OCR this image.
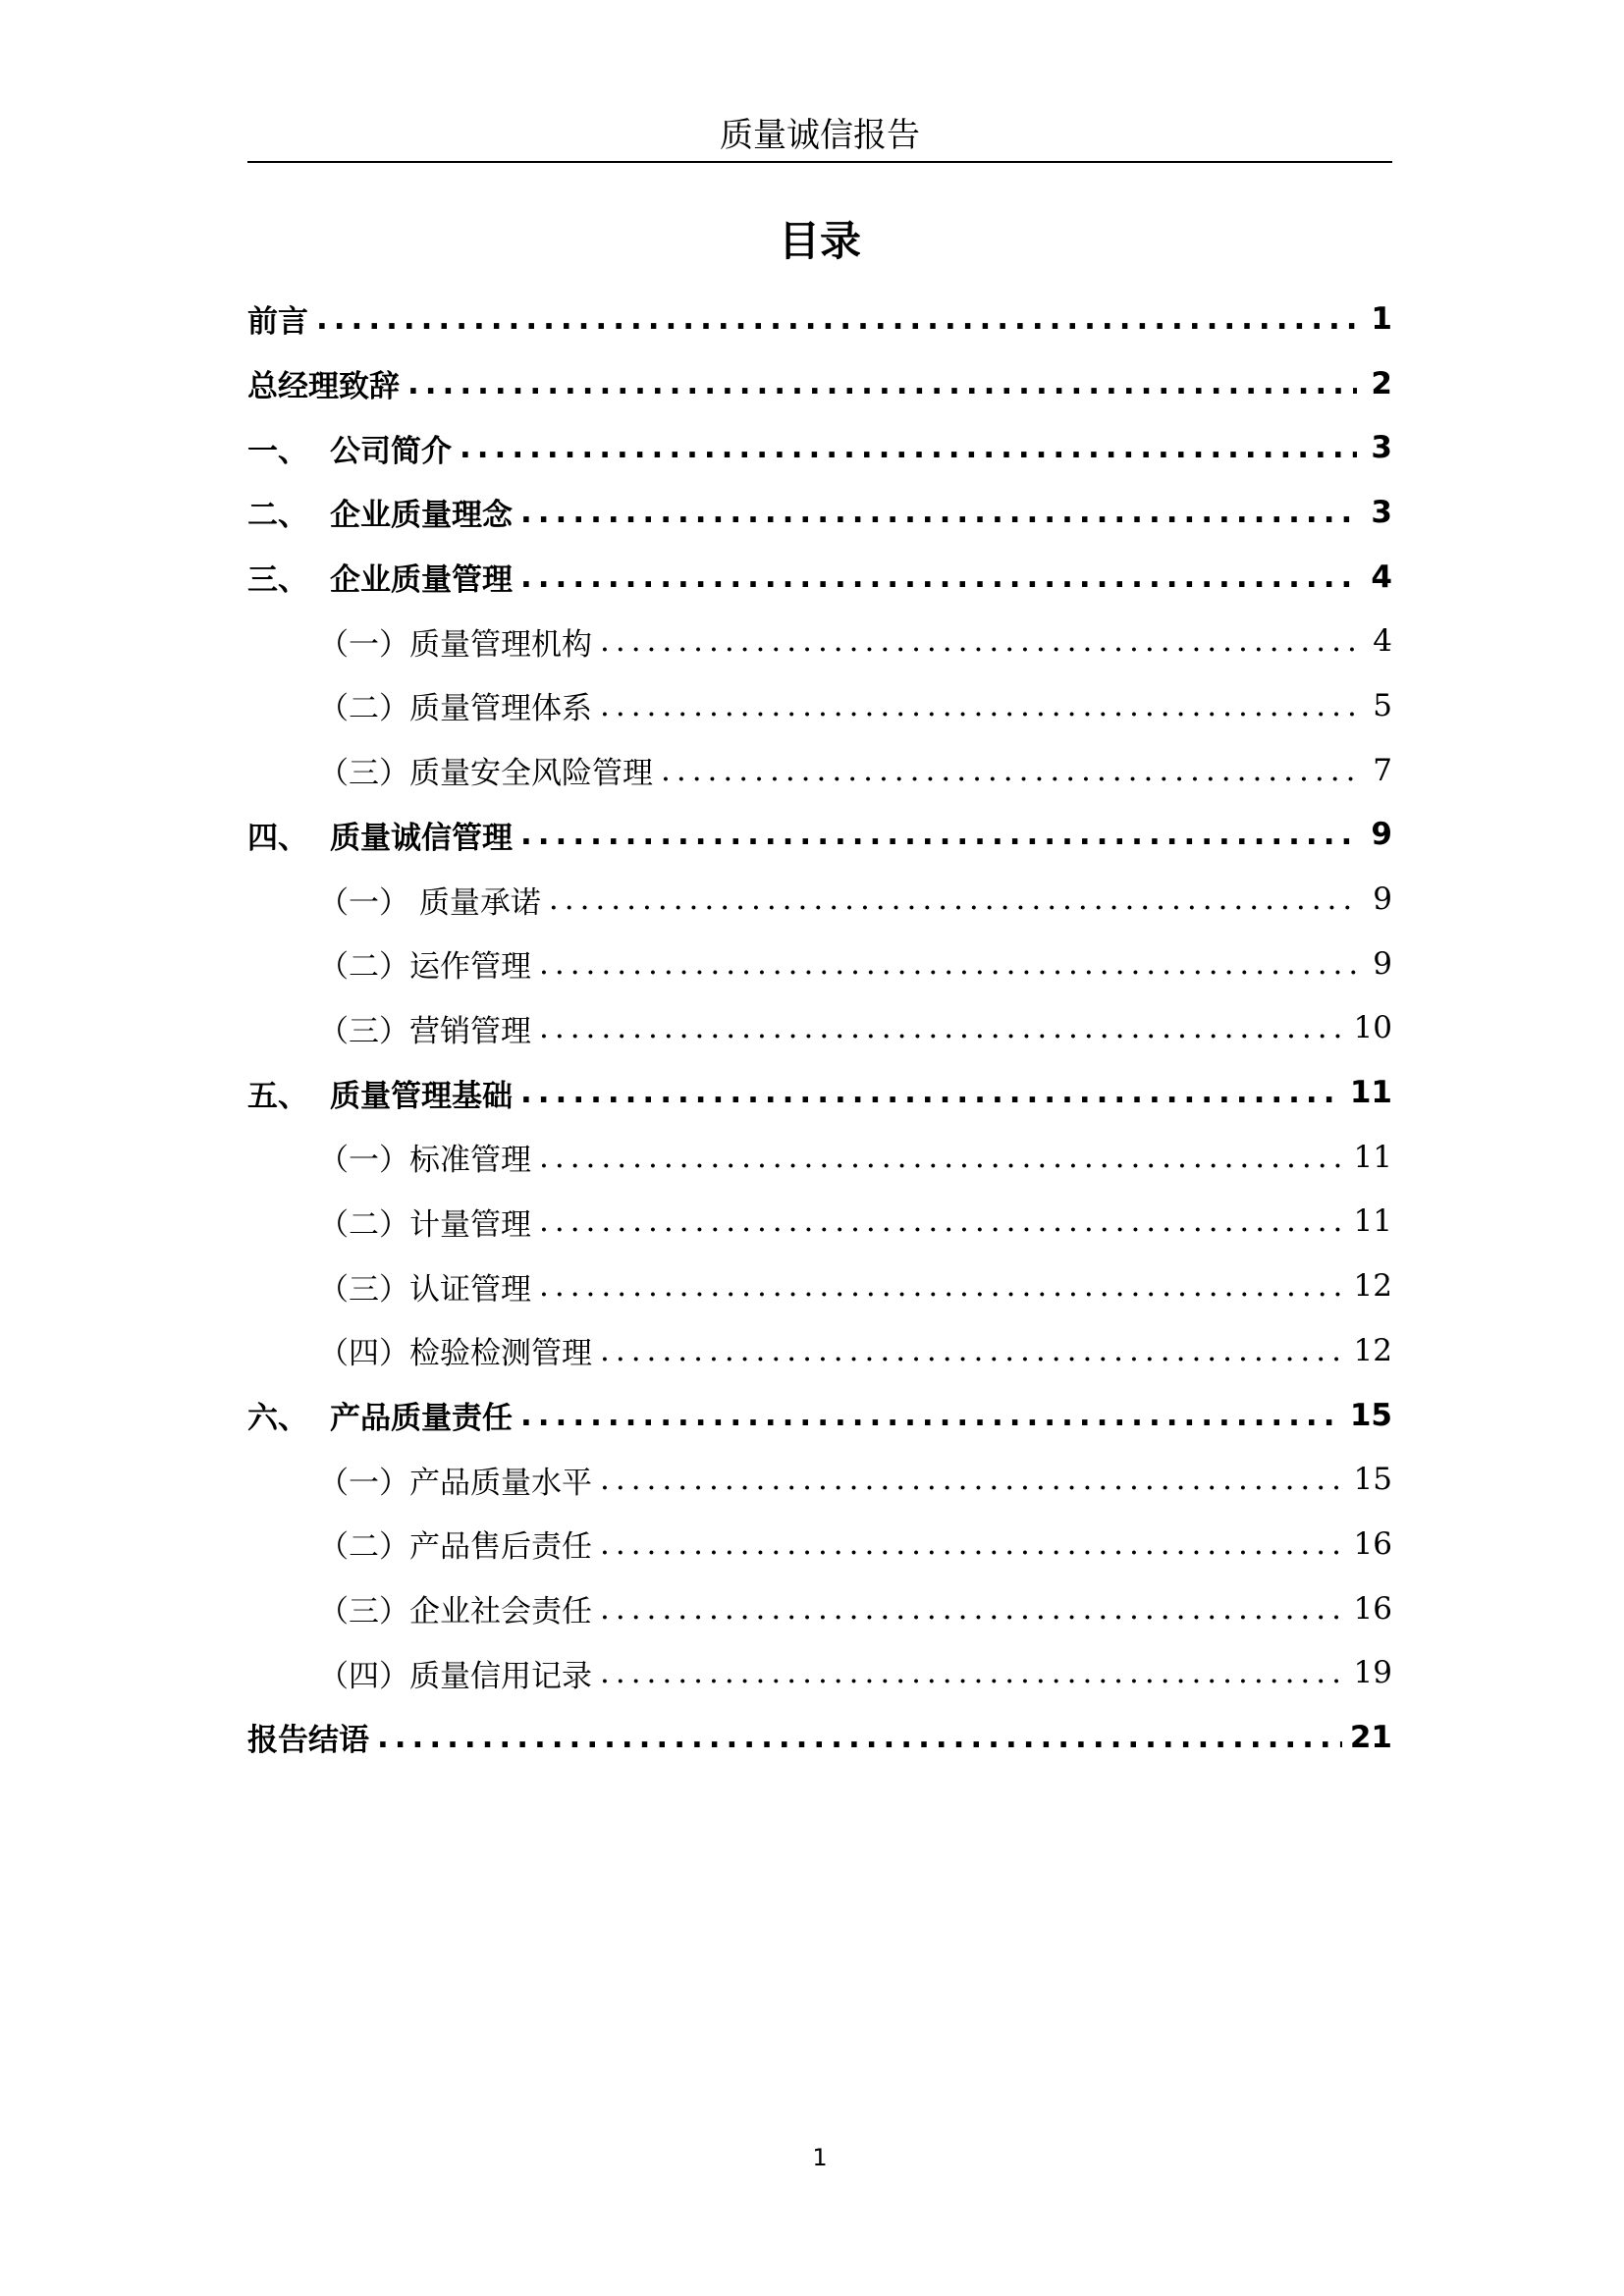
质量诚信报告
目录
前言 .....	1
总经理致辞 .....	2
一、 公司简介 .....	3
二、 企业质量理念 .....	3
三、 企业质量管理 .....	4
（一） 质量管理机构 .....	4
（二） 质量管理体系 .....	5
（三） 质量安全风险管理 .....	7
四、 质量诚信管理 .....	9
（一） 质量承诺 .....	9
（二） 运作管理 .....	9
（三） 营销管理 .....	10
五、 质量管理基础 .....	11
（一） 标准管理 .....	11
（二） 计量管理 .....	11
（三） 认证管理 .....	12
（四） 检验检测管理 .....	12
六、 产品质量责任 .....	15
（一） 产品质量水平 .....	15
（二） 产品售后责任 .....	16
（三） 企业社会责任 .....	16
（四） 质量信用记录 .....	19
报告结语 .....	21
1
